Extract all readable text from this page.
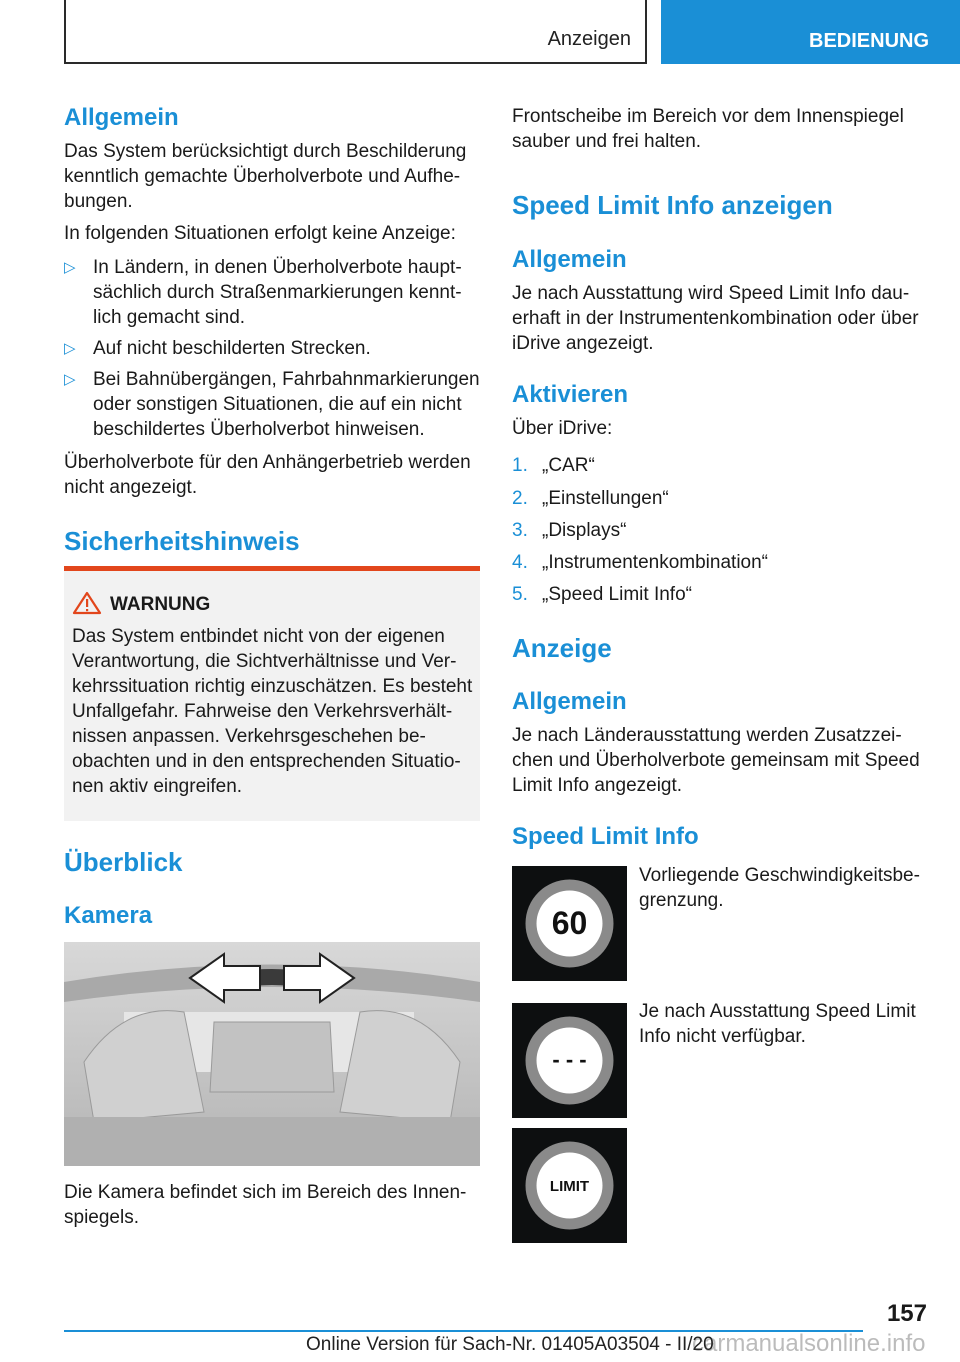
Anzeigen	BEDIENUNG
Allgemein
Das System berücksichtigt durch Beschilderung kenntlich gemachte Überholverbote und Aufhebungen.
In folgenden Situationen erfolgt keine Anzeige:
▷ In Ländern, in denen Überholverbote hauptsächlich durch Straßenmarkierungen kenntlich gemacht sind.
▷ Auf nicht beschilderten Strecken.
▷ Bei Bahnübergängen, Fahrbahnmarkierungen oder sonstigen Situationen, die auf ein nicht beschildertes Überholverbot hinweisen.
Überholverbote für den Anhängerbetrieb werden nicht angezeigt.
Sicherheitshinweis
WARNUNG
Das System entbindet nicht von der eigenen Verantwortung, die Sichtverhältnisse und Verkehrssituation richtig einzuschätzen. Es besteht Unfallgefahr. Fahrweise den Verkehrsverhältnissen anpassen. Verkehrsgeschehen beobachten und in den entsprechenden Situationen aktiv eingreifen.
Überblick
Kamera
Die Kamera befindet sich im Bereich des Innenspiegels.
Frontscheibe im Bereich vor dem Innenspiegel sauber und frei halten.
Speed Limit Info anzeigen
Allgemein
Je nach Ausstattung wird Speed Limit Info dauerhaft in der Instrumentenkombination oder über iDrive angezeigt.
Aktivieren
Über iDrive:
1. „CAR“
2. „Einstellungen“
3. „Displays“
4. „Instrumentenkombination“
5. „Speed Limit Info“
Anzeige
Allgemein
Je nach Länderausstattung werden Zusatzzeichen und Überholverbote gemeinsam mit Speed Limit Info angezeigt.
Speed Limit Info
60
Vorliegende Geschwindigkeitsbegrenzung.
- - -
Je nach Ausstattung Speed Limit Info nicht verfügbar.
LIMIT
157
Online Version für Sach-Nr. 01405A03504 - II/20
carmanualsonline.info
